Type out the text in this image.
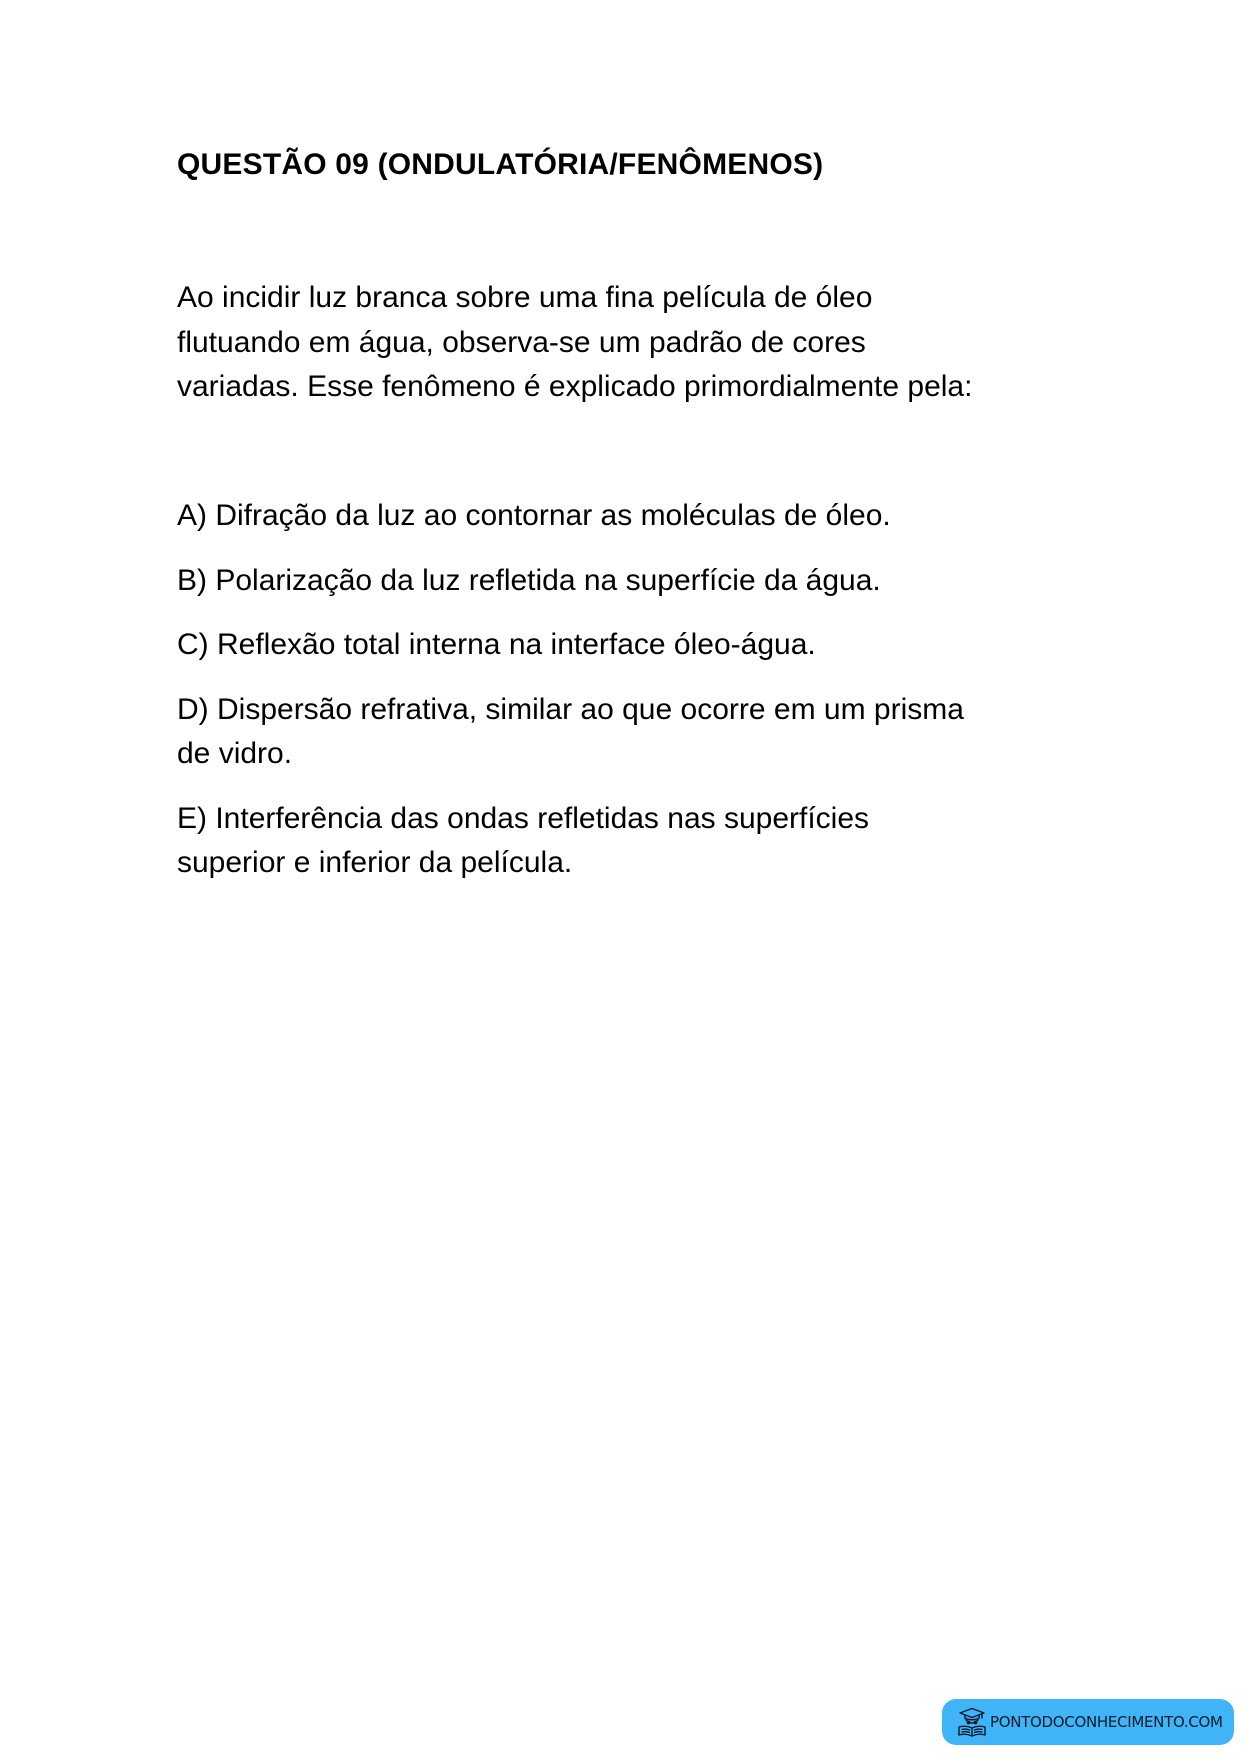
QUESTÃO 09 (ONDULATÓRIA/FENÔMENOS)
Ao incidir luz branca sobre uma fina película de óleo
flutuando em água, observa-se um padrão de cores
variadas. Esse fenômeno é explicado primordialmente pela:
A) Difração da luz ao contornar as moléculas de óleo.
B) Polarização da luz refletida na superfície da água.
C) Reflexão total interna na interface óleo-água.
D) Dispersão refrativa, similar ao que ocorre em um prisma
de vidro.
E) Interferência das ondas refletidas nas superfícies
superior e inferior da película.
PONTODOCONHECIMENTO.COM
